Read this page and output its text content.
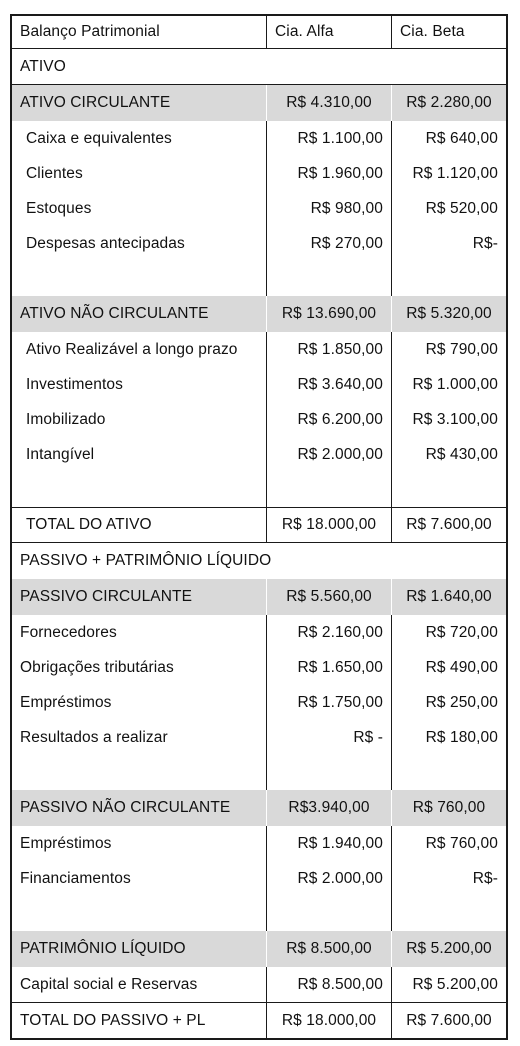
Balanço Patrimonial	Cia. Alfa	Cia. Beta
ATIVO
ATIVO CIRCULANTE	R$ 4.310,00	R$ 2.280,00
Caixa e equivalentes	R$ 1.100,00	R$ 640,00
Clientes	R$ 1.960,00	R$ 1.120,00
Estoques	R$ 980,00	R$ 520,00
Despesas antecipadas	R$ 270,00	R$-
ATIVO NÃO CIRCULANTE	R$ 13.690,00	R$ 5.320,00
Ativo Realizável a longo prazo	R$ 1.850,00	R$ 790,00
Investimentos	R$ 3.640,00	R$ 1.000,00
Imobilizado	R$ 6.200,00	R$ 3.100,00
Intangível	R$ 2.000,00	R$ 430,00
TOTAL DO ATIVO	R$ 18.000,00	R$ 7.600,00
PASSIVO + PATRIMÔNIO LÍQUIDO
PASSIVO CIRCULANTE	R$ 5.560,00	R$ 1.640,00
Fornecedores	R$ 2.160,00	R$ 720,00
Obrigações tributárias	R$ 1.650,00	R$ 490,00
Empréstimos	R$ 1.750,00	R$ 250,00
Resultados a realizar	R$ -	R$ 180,00
PASSIVO NÃO CIRCULANTE	R$3.940,00	R$ 760,00
Empréstimos	R$ 1.940,00	R$ 760,00
Financiamentos	R$ 2.000,00	R$-
PATRIMÔNIO LÍQUIDO	R$ 8.500,00	R$ 5.200,00
Capital social e Reservas	R$ 8.500,00	R$ 5.200,00
TOTAL DO PASSIVO + PL	R$ 18.000,00	R$ 7.600,00
